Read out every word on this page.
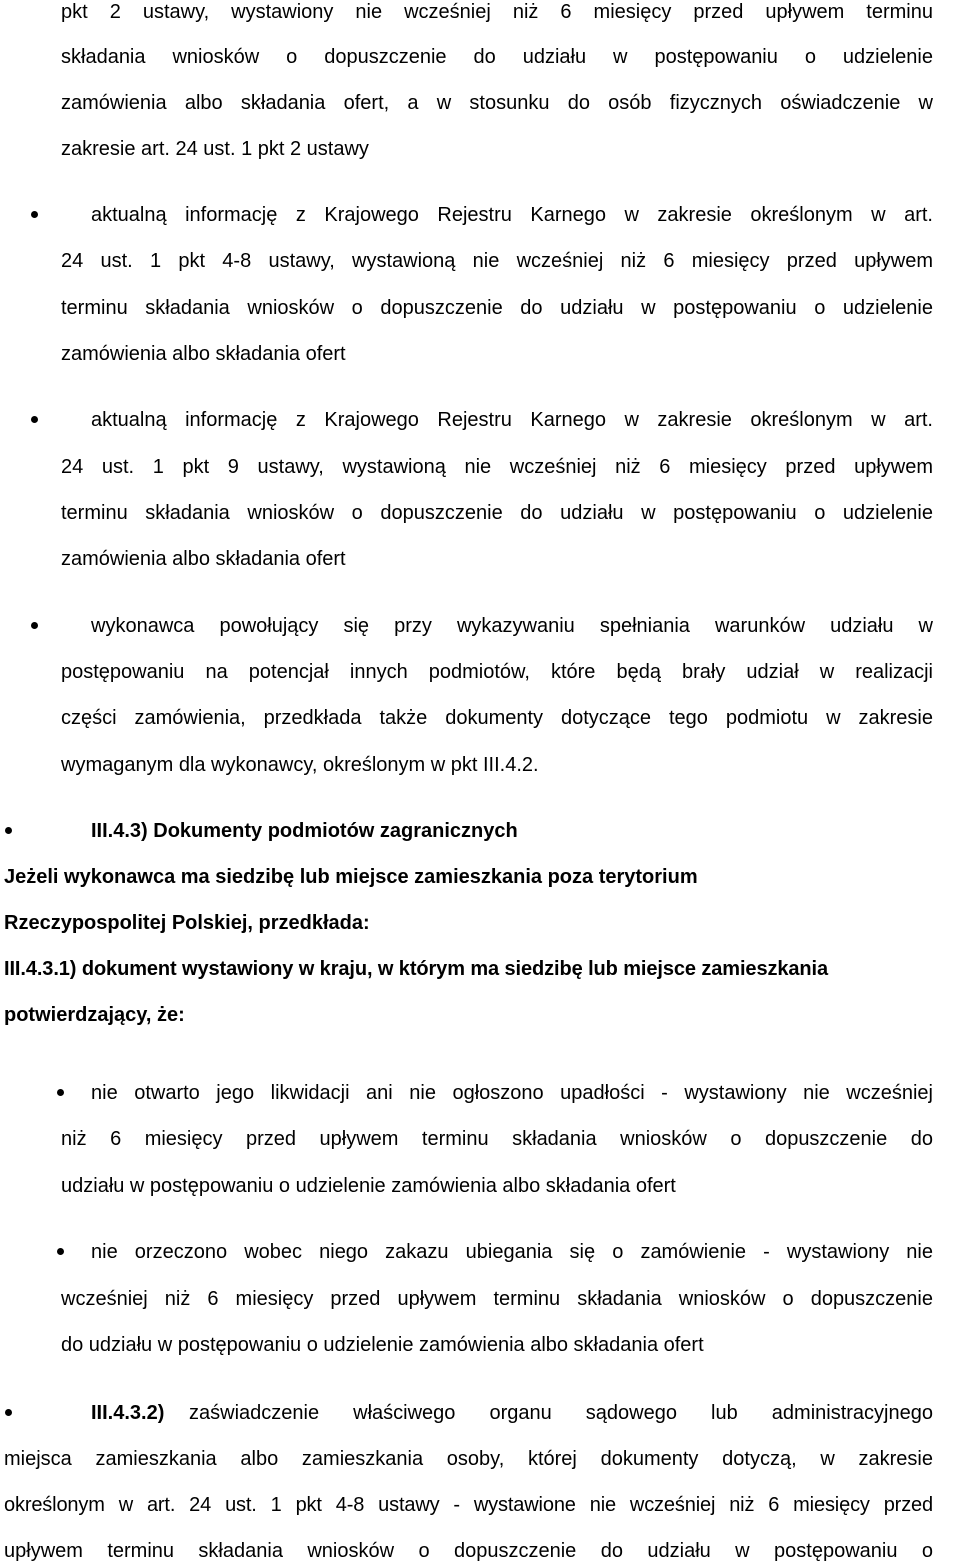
pkt 2 ustawy, wystawiony nie wcześniej niż 6 miesięcy przed upływem terminu
składania wniosków o dopuszczenie do udziału w postępowaniu o udzielenie
zamówienia albo składania ofert, a w stosunku do osób fizycznych oświadczenie w
zakresie art. 24 ust. 1 pkt 2 ustawy
aktualną informację z Krajowego Rejestru Karnego w zakresie określonym w art.
24 ust. 1 pkt 4-8 ustawy, wystawioną nie wcześniej niż 6 miesięcy przed upływem
terminu składania wniosków o dopuszczenie do udziału w postępowaniu o udzielenie
zamówienia albo składania ofert
aktualną informację z Krajowego Rejestru Karnego w zakresie określonym w art.
24 ust. 1 pkt 9 ustawy, wystawioną nie wcześniej niż 6 miesięcy przed upływem
terminu składania wniosków o dopuszczenie do udziału w postępowaniu o udzielenie
zamówienia albo składania ofert
wykonawca powołujący się przy wykazywaniu spełniania warunków udziału w
postępowaniu na potencjał innych podmiotów, które będą brały udział w realizacji
części zamówienia, przedkłada także dokumenty dotyczące tego podmiotu w zakresie
wymaganym dla wykonawcy, określonym w pkt III.4.2.
III.4.3) Dokumenty podmiotów zagranicznych
Jeżeli wykonawca ma siedzibę lub miejsce zamieszkania poza terytorium
Rzeczypospolitej Polskiej, przedkłada:
III.4.3.1) dokument wystawiony w kraju, w którym ma siedzibę lub miejsce zamieszkania
potwierdzający, że:
nie otwarto jego likwidacji ani nie ogłoszono upadłości - wystawiony nie wcześniej
niż 6 miesięcy przed upływem terminu składania wniosków o dopuszczenie do
udziału w postępowaniu o udzielenie zamówienia albo składania ofert
nie orzeczono wobec niego zakazu ubiegania się o zamówienie - wystawiony nie
wcześniej niż 6 miesięcy przed upływem terminu składania wniosków o dopuszczenie
do udziału w postępowaniu o udzielenie zamówienia albo składania ofert
III.4.3.2) zaświadczenie właściwego organu sądowego lub administracyjnego
miejsca zamieszkania albo zamieszkania osoby, której dokumenty dotyczą, w zakresie
określonym w art. 24 ust. 1 pkt 4-8 ustawy - wystawione nie wcześniej niż 6 miesięcy przed
upływem terminu składania wniosków o dopuszczenie do udziału w postępowaniu o
